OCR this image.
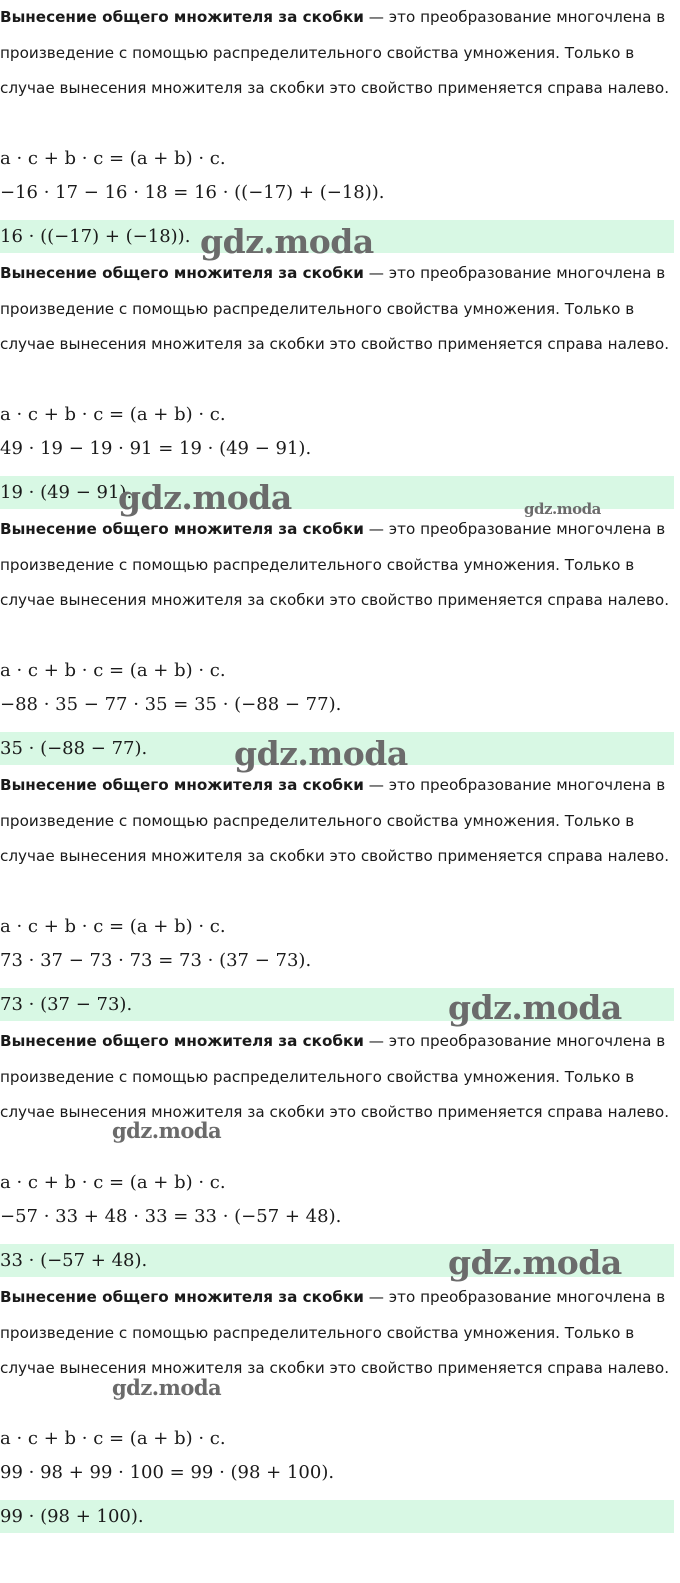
Вынесение общего множителя за скобки — это преобразование многочлена в произведение с помощью распределительного свойства умножения. Только в случае вынесения множителя за скобки это свойство применяется справа налево.

a · c + b · c = (a + b) · c.
−16 · 17 − 16 · 18 = 16 · ((−17) + (−18)).
16 · ((−17) + (−18)).

Вынесение общего множителя за скобки — это преобразование многочлена в произведение с помощью распределительного свойства умножения. Только в случае вынесения множителя за скобки это свойство применяется справа налево.

a · c + b · c = (a + b) · c.
49 · 19 − 19 · 91 = 19 · (49 − 91).
19 · (49 − 91).

Вынесение общего множителя за скобки — это преобразование многочлена в произведение с помощью распределительного свойства умножения. Только в случае вынесения множителя за скобки это свойство применяется справа налево.

a · c + b · c = (a + b) · c.
−88 · 35 − 77 · 35 = 35 · (−88 − 77).
35 · (−88 − 77).

Вынесение общего множителя за скобки — это преобразование многочлена в произведение с помощью распределительного свойства умножения. Только в случае вынесения множителя за скобки это свойство применяется справа налево.

a · c + b · c = (a + b) · c.
73 · 37 − 73 · 73 = 73 · (37 − 73).
73 · (37 − 73).

Вынесение общего множителя за скобки — это преобразование многочлена в произведение с помощью распределительного свойства умножения. Только в случае вынесения множителя за скобки это свойство применяется справа налево.

a · c + b · c = (a + b) · c.
−57 · 33 + 48 · 33 = 33 · (−57 + 48).
33 · (−57 + 48).

Вынесение общего множителя за скобки — это преобразование многочлена в произведение с помощью распределительного свойства умножения. Только в случае вынесения множителя за скобки это свойство применяется справа налево.

a · c + b · c = (a + b) · c.
99 · 98 + 99 · 100 = 99 · (98 + 100).
99 · (98 + 100).
gdz.moda
gdz.moda	gdz.moda
gdz.moda
gdz.moda
gdz.moda
gdz.moda
gdz.moda
